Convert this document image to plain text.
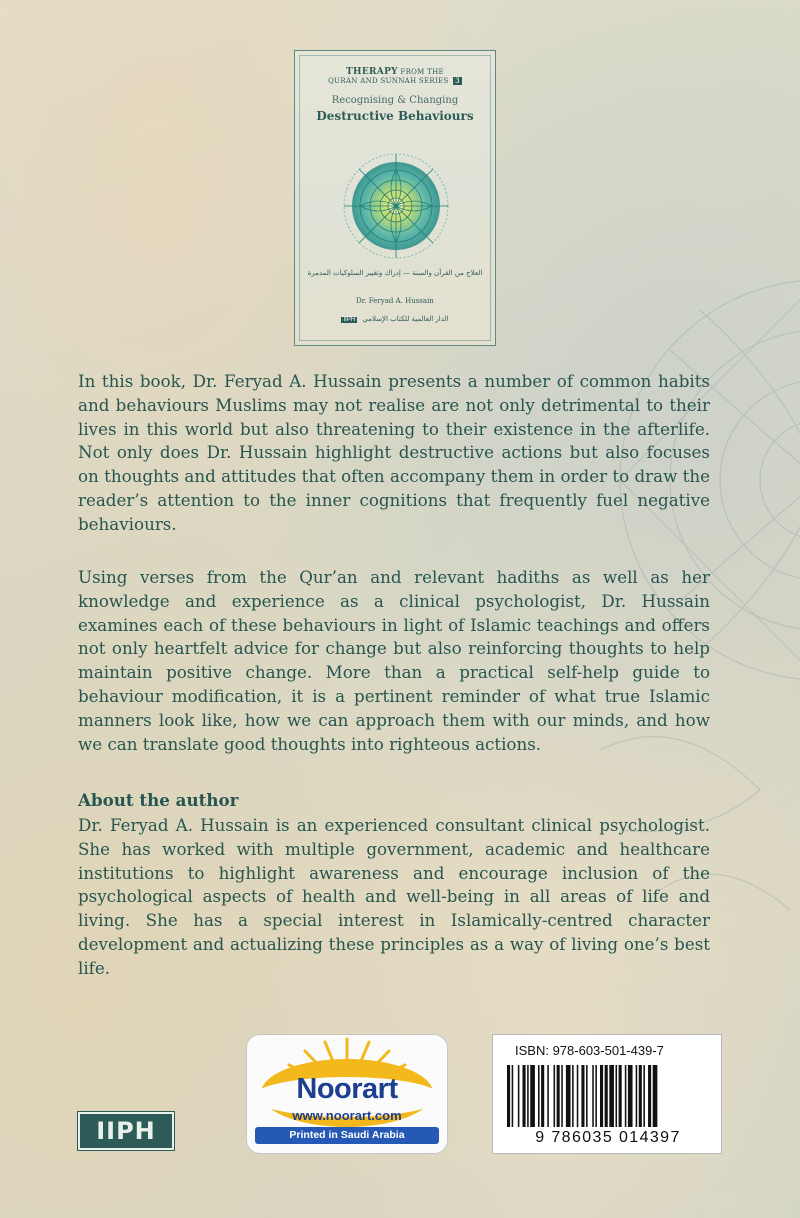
THERAPY FROM THE
QURAN AND SUNNAH SERIES 3
Recognising & Changing
Destructive Behaviours
العلاج من القرآن والسنة — إدراك وتغيير السلوكيات المدمرة
Dr. Feryad A. Hussain
IIPH الدار العالمية للكتاب الإسلامي

In this book, Dr. Feryad A. Hussain presents a number of common habits and behaviours Muslims may not realise are not only detrimental to their lives in this world but also threatening to their existence in the afterlife. Not only does Dr. Hussain highlight destructive actions but also focuses on thoughts and attitudes that often accompany them in order to draw the reader’s attention to the inner cognitions that frequently fuel negative behaviours.

Using verses from the Qur’an and relevant hadiths as well as her knowledge and experience as a clinical psychologist, Dr. Hussain examines each of these behaviours in light of Islamic teachings and offers not only heartfelt advice for change but also reinforcing thoughts to help maintain positive change. More than a practical self-help guide to behaviour modification, it is a pertinent reminder of what true Islamic manners look like, how we can approach them with our minds, and how we can translate good thoughts into righteous actions.

About the author

Dr. Feryad A. Hussain is an experienced consultant clinical psychologist. She has worked with multiple government, academic and healthcare institutions to highlight awareness and encourage inclusion of the psychological aspects of health and well-being in all areas of life and living. She has a special interest in Islamically-centred character development and actualizing these principles as a way of living one’s best life.

IIPH
Noorart
www.noorart.com
Printed in Saudi Arabia
ISBN: 978-603-501-439-7
9 786035 014397
